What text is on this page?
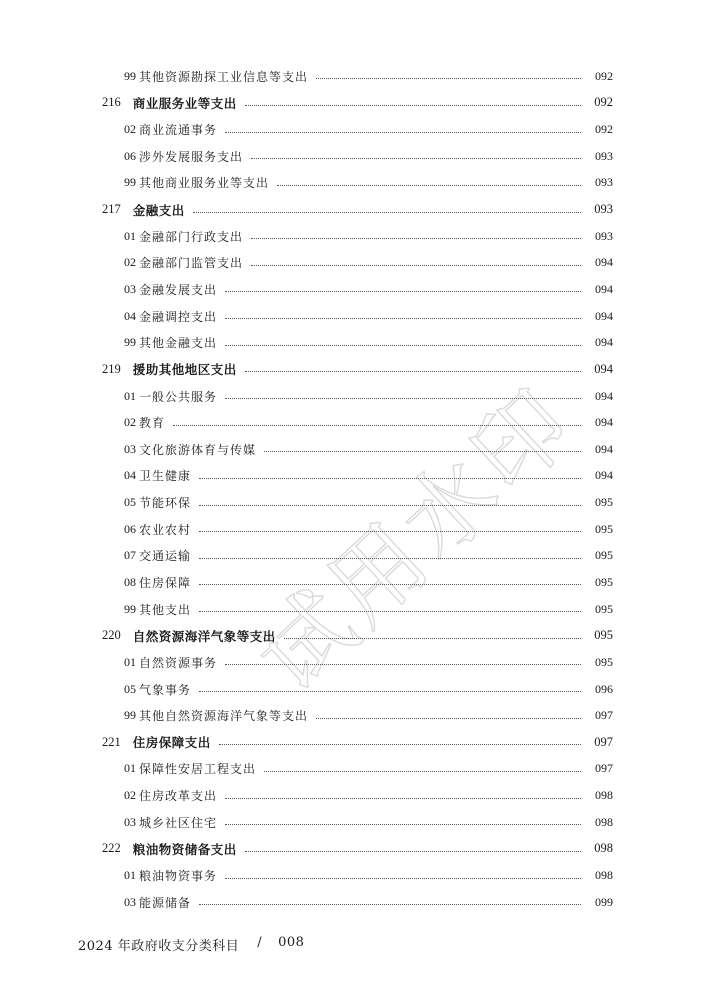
试用水印
99 其他资源勘探工业信息等支出	092
216 商业服务业等支出	092
02 商业流通事务	092
06 涉外发展服务支出	093
99 其他商业服务业等支出	093
217 金融支出	093
01 金融部门行政支出	093
02 金融部门监管支出	094
03 金融发展支出	094
04 金融调控支出	094
99 其他金融支出	094
219 援助其他地区支出	094
01 一般公共服务	094
02 教育	094
03 文化旅游体育与传媒	094
04 卫生健康	094
05 节能环保	095
06 农业农村	095
07 交通运输	095
08 住房保障	095
99 其他支出	095
220 自然资源海洋气象等支出	095
01 自然资源事务	095
05 气象事务	096
99 其他自然资源海洋气象等支出	097
221 住房保障支出	097
01 保障性安居工程支出	097
02 住房改革支出	098
03 城乡社区住宅	098
222 粮油物资储备支出	098
01 粮油物资事务	098
03 能源储备	099
2024 年政府收支分类科目 / 008
